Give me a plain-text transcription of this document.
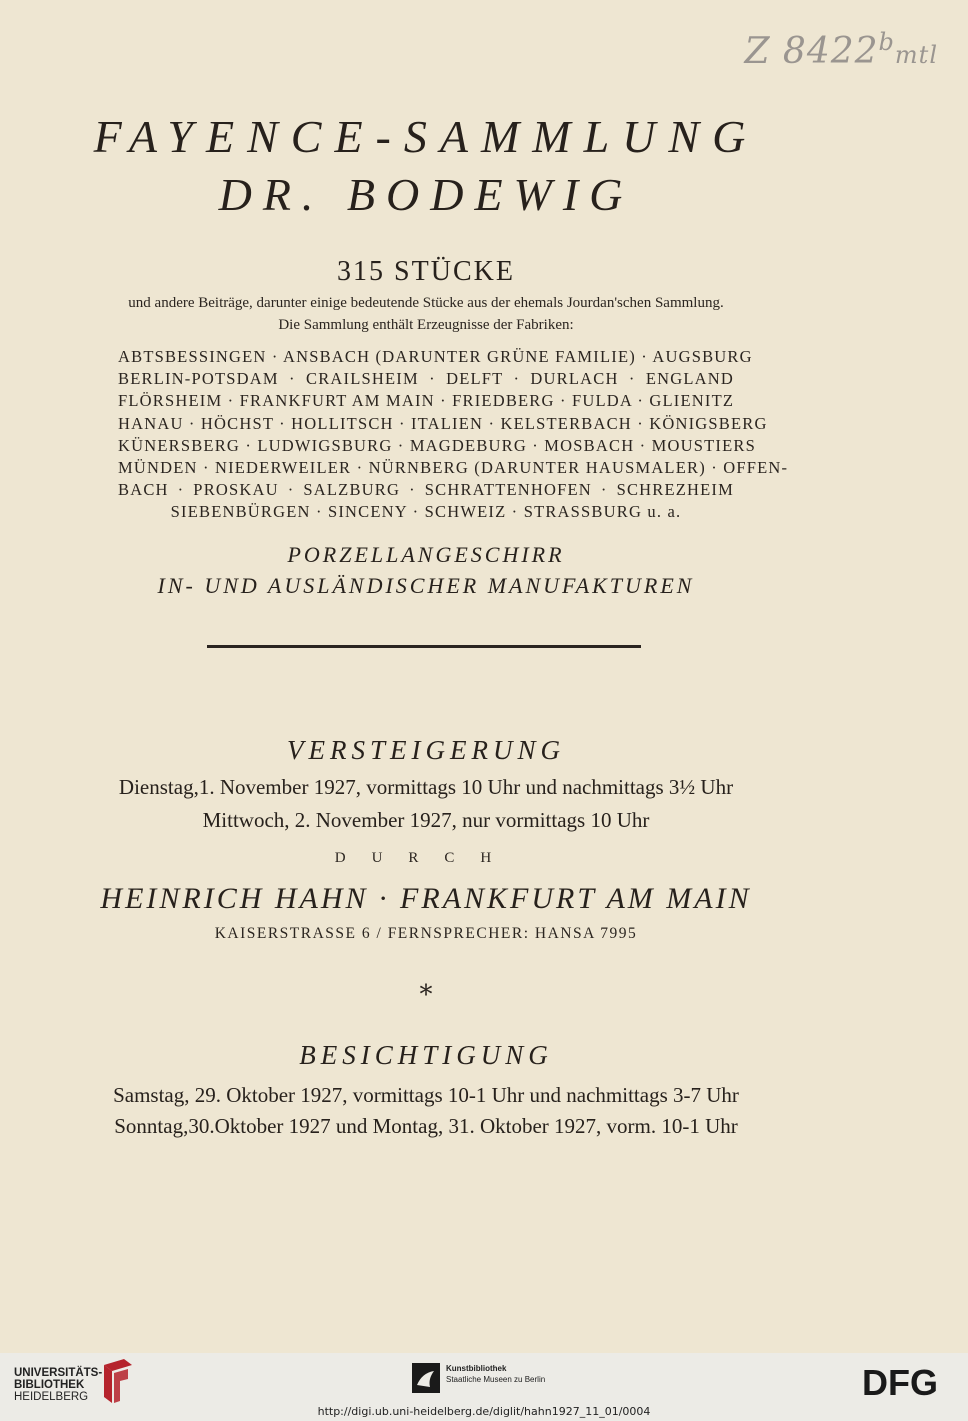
Z 8422$^b$mtl
FAYENCE-SAMMLUNG
DR. BODEWIG
315 STÜCKE
und andere Beiträge, darunter einige bedeutende Stücke aus der ehemals Jourdan'schen Sammlung.
Die Sammlung enthält Erzeugnisse der Fabriken:
ABTSBESSINGEN · ANSBACH (DARUNTER GRÜNE FAMILIE) · AUGSBURG
BERLIN-POTSDAM · CRAILSHEIM · DELFT · DURLACH · ENGLAND
FLÖRSHEIM · FRANKFURT AM MAIN · FRIEDBERG · FULDA · GLIENITZ
HANAU · HÖCHST · HOLLITSCH · ITALIEN · KELSTERBACH · KÖNIGSBERG
KÜNERSBERG · LUDWIGSBURG · MAGDEBURG · MOSBACH · MOUSTIERS
MÜNDEN · NIEDERWEILER · NÜRNBERG (DARUNTER HAUSMALER) · OFFEN-
BACH · PROSKAU · SALZBURG · SCHRATTENHOFEN · SCHREZHEIM
SIEBENBÜRGEN · SINCENY · SCHWEIZ · STRASSBURG u. a.
PORZELLANGESCHIRR
IN- UND AUSLÄNDISCHER MANUFAKTUREN
VERSTEIGERUNG
Dienstag,1. November 1927, vormittags 10 Uhr und nachmittags 3½ Uhr
Mittwoch, 2. November 1927, nur vormittags 10 Uhr
DURCH
HEINRICH HAHN · FRANKFURT AM MAIN
KAISERSTRASSE 6 / FERNSPRECHER: HANSA 7995
*
BESICHTIGUNG
Samstag, 29. Oktober 1927, vormittags 10-1 Uhr und nachmittags 3-7 Uhr
Sonntag,30.Oktober 1927 und Montag, 31. Oktober 1927, vorm. 10-1 Uhr
UNIVERSITÄTS-
BIBLIOTHEK
HEIDELBERG
Kunstbibliothek
Staatliche Museen zu Berlin	DFG
http://digi.ub.uni-heidelberg.de/diglit/hahn1927_11_01/0004
